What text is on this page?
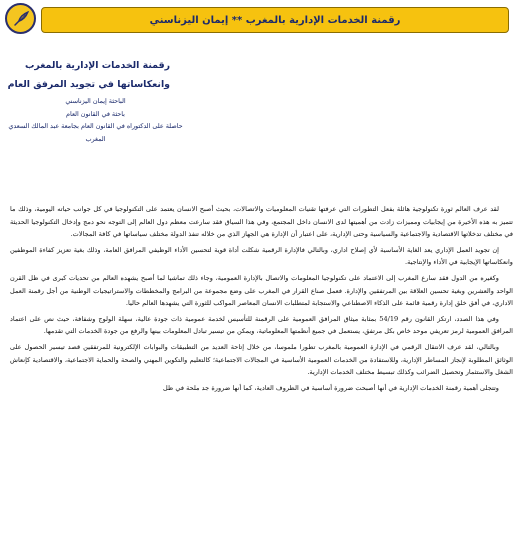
رقمنة الخدمات الإدارية بالمغرب ** إيمان اليزناسني
رقمنة الخدمات الإدارية بالمغرب
وانعكاساتها في تجويد المرفق العام
الباحثة إيمان اليزناسني
باحثة في القانون العام
حاصلة على الدكتوراه في القانون العام بجامعة عبد المالك السعدي
المغرب

لقد عرف العالم ثورة تكنولوجية هائلة بفعل التطورات التي عرفتها تقنيات المعلوميات والاتصالات، بحيث أصبح الانسان يعتمد على التكنولوجيا في كل جوانب حياته اليومية، وذلك ما تتميز به هذه الأخيرة من إيجابيات ومميزات زادت من أهميتها لدى الانسان داخل المجتمع، وفي هذا السياق فقد سارعت معظم دول العالم إلى التوجه نحو دمج وإدخال التكنولوجيا الحديثة في مختلف تدخلاتها الاقتصادية والاجتماعية والسياسية وحتى الإدارية، على اعتبار أن الإدارة هي الجهاز الذي من خلاله تنفذ الدولة مختلف سياساتها في كافة المجالات.

إن تجويد العمل الإداري يعد الغاية الأساسية لأي إصلاح اداري، وبالتالي فالإدارة الرقمية شكلت أداة قوية لتحسين الأداء الوظيفي المرافق العامة، وذلك بغية تعزيز كفاءة الموظفين وانعكاساتها الإيجابية في الأداء والإنتاجية.

وكغيره من الدول فقد سارع المغرب إلى الاعتماد على تكنولوجيا المعلومات والاتصال بالإدارة العمومية، وجاء ذلك تماشيا لما أصبح يشهده العالم من تحديات كبرى في ظل القرن الواحد والعشرين وبغية تحسين العلاقة بين المرتفقين والإدارة. فعمل صناع القرار في المغرب على وضع مجموعة من البرامج والمخططات والاستراتيجيات الوطنية من أجل رقمنة العمل الاداري، في أفق خلق إدارة رقمية قائمة على الذكاء الاصطناعي والاستجابة لمتطلبات الانسان المعاصر المواكب للثورة التي يشهدها العالم حاليا.

وفي هذا الصدد، ارتكز القانون رقم 54/19 بمثابة ميثاق المرافق العمومية على الرقمنة للتأسيس لخدمة عمومية ذات جودة عالية، سهلة الولوج وشفافة، حيث نص على اعتماد المرافق العمومية لرمز تعريفي موحد خاص بكل مرتفق، يستعمل في جميع أنظمتها المعلوماتية، ويمكن من تيسير تبادل المعلومات بينها والرفع من جودة الخدمات التي تقدمها.

وبالتالي، لقد عرف الانتقال الرقمي في الإدارة العمومية بالمغرب تطورا ملموسا، من خلال إتاحة العديد من التطبيقات والبوابات الإلكترونية للمرتفقين قصد تيسير الحصول على الوثائق المطلوبة لإنجاز المساطر الإدارية، وللاستفادة من الخدمات العمومية الأساسية في المجالات الاجتماعية؛ كالتعليم والتكوين المهني والصحة والحماية الاجتماعية، والاقتصادية كإنعاش الشغل والاستثمار وتحصيل الضرائب وكذلك تبسيط مختلف الخدمات الإدارية.

وتتجلى أهمية رقمنة الخدمات الإدارية في أنها أصبحت ضرورة أساسية في الظروف العادية، كما أنها ضرورة جد ملحة في ظل
